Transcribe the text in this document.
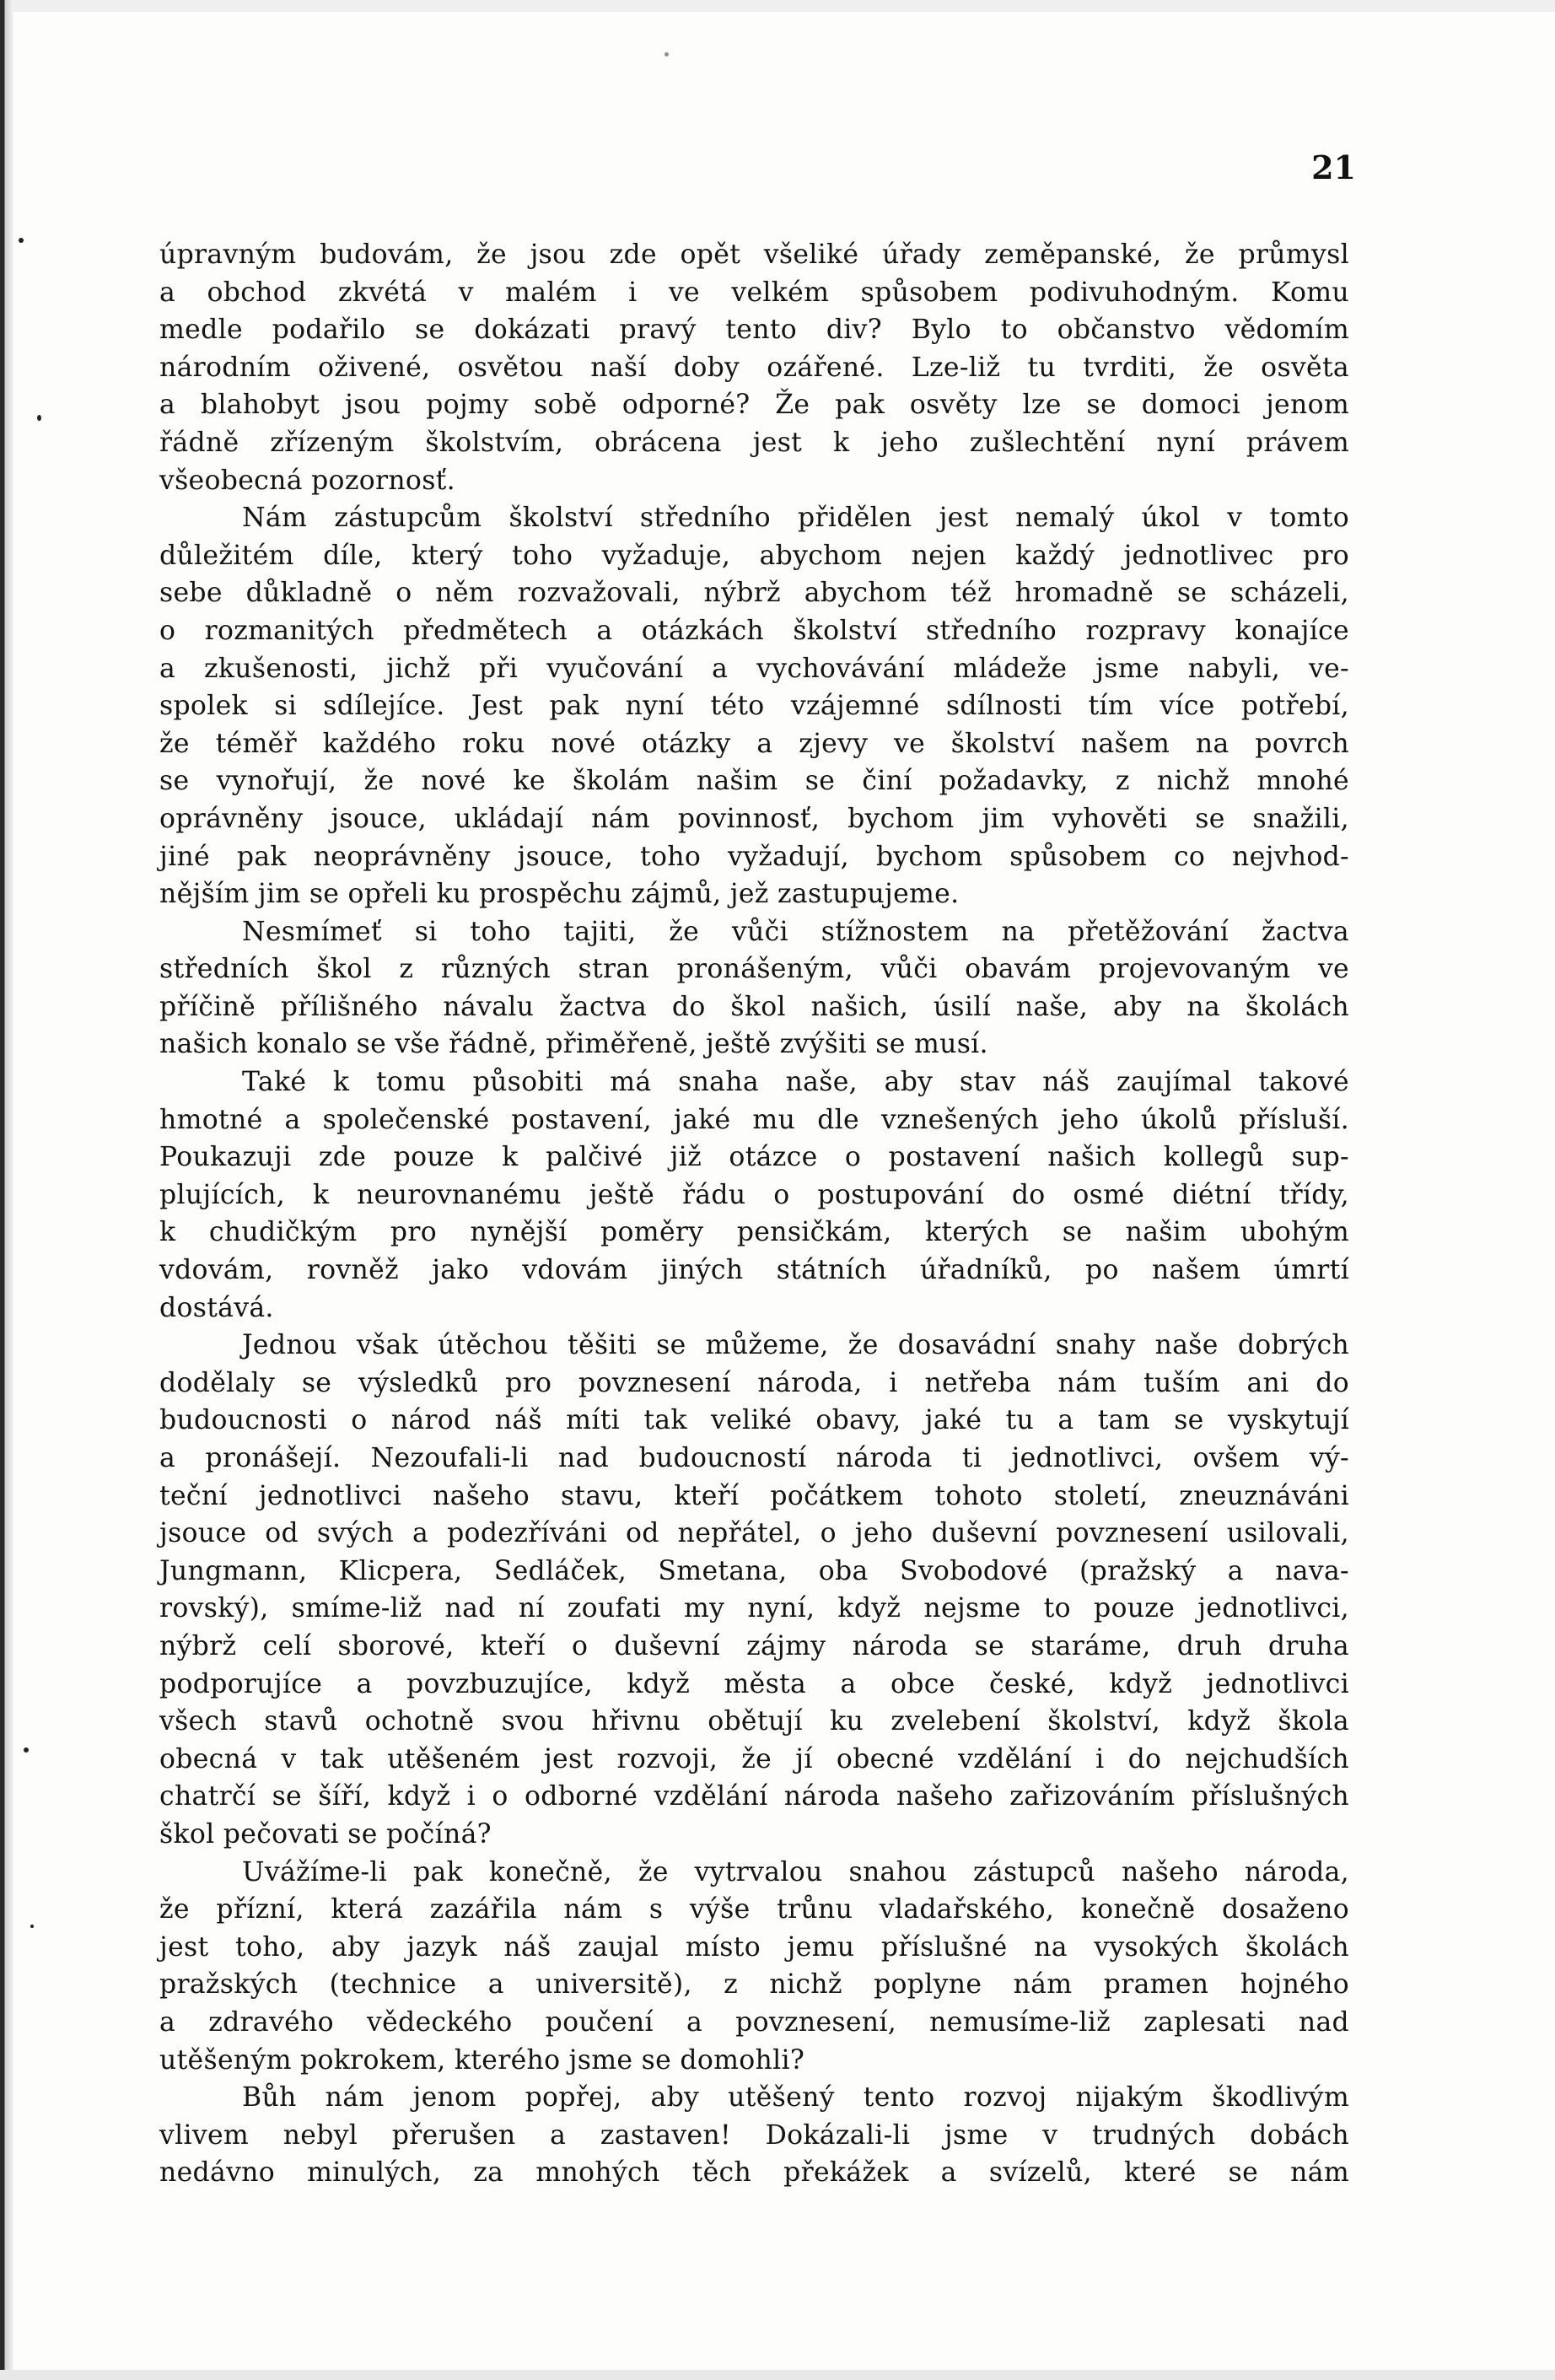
21
úpravným budovám, že jsou zde opět všeliké úřady zeměpanské, že průmysl
a obchod zkvétá v malém i ve velkém spůsobem podivuhodným. Komu
medle podařilo se dokázati pravý tento div? Bylo to občanstvo vědomím
národním oživené, osvětou naší doby ozářené. Lze-liž tu tvrditi, že osvěta
a blahobyt jsou pojmy sobě odporné? Že pak osvěty lze se domoci jenom
řádně zřízeným školstvím, obrácena jest k jeho zušlechtění nyní právem
všeobecná pozornosť.
Nám zástupcům školství středního přidělen jest nemalý úkol v tomto
důležitém díle, který toho vyžaduje, abychom nejen každý jednotlivec pro
sebe důkladně o něm rozvažovali, nýbrž abychom též hromadně se scházeli,
o rozmanitých předmětech a otázkách školství středního rozpravy konajíce
a zkušenosti, jichž při vyučování a vychovávání mládeže jsme nabyli, ve-
spolek si sdílejíce. Jest pak nyní této vzájemné sdílnosti tím více potřebí,
že téměř každého roku nové otázky a zjevy ve školství našem na povrch
se vynořují, že nové ke školám našim se činí požadavky, z nichž mnohé
oprávněny jsouce, ukládají nám povinnosť, bychom jim vyhověti se snažili,
jiné pak neoprávněny jsouce, toho vyžadují, bychom spůsobem co nejvhod-
nějším jim se opřeli ku prospěchu zájmů, jež zastupujeme.
Nesmímeť si toho tajiti, že vůči stížnostem na přetěžování žactva
středních škol z různých stran pronášeným, vůči obavám projevovaným ve
příčině přílišného návalu žactva do škol našich, úsilí naše, aby na školách
našich konalo se vše řádně, přiměřeně, ještě zvýšiti se musí.
Také k tomu působiti má snaha naše, aby stav náš zaujímal takové
hmotné a společenské postavení, jaké mu dle vznešených jeho úkolů přísluší.
Poukazuji zde pouze k palčivé již otázce o postavení našich kollegů sup-
plujících, k neurovnanému ještě řádu o postupování do osmé diétní třídy,
k chudičkým pro nynější poměry pensičkám, kterých se našim ubohým
vdovám, rovněž jako vdovám jiných státních úřadníků, po našem úmrtí
dostává.
Jednou však útěchou těšiti se můžeme, že dosavádní snahy naše dobrých
dodělaly se výsledků pro povznesení národa, i netřeba nám tuším ani do
budoucnosti o národ náš míti tak veliké obavy, jaké tu a tam se vyskytují
a pronášejí. Nezoufali-li nad budoucností národa ti jednotlivci, ovšem vý-
teční jednotlivci našeho stavu, kteří počátkem tohoto století, zneuznáváni
jsouce od svých a podezříváni od nepřátel, o jeho duševní povznesení usilovali,
Jungmann, Klicpera, Sedláček, Smetana, oba Svobodové (pražský a nava-
rovský), smíme-liž nad ní zoufati my nyní, když nejsme to pouze jednotlivci,
nýbrž celí sborové, kteří o duševní zájmy národa se staráme, druh druha
podporujíce a povzbuzujíce, když města a obce české, když jednotlivci
všech stavů ochotně svou hřivnu obětují ku zvelebení školství, když škola
obecná v tak utěšeném jest rozvoji, že jí obecné vzdělání i do nejchudších
chatrčí se šíří, když i o odborné vzdělání národa našeho zařizováním příslušných
škol pečovati se počíná?
Uvážíme-li pak konečně, že vytrvalou snahou zástupců našeho národa,
že přízní, která zazářila nám s výše trůnu vladařského, konečně dosaženo
jest toho, aby jazyk náš zaujal místo jemu příslušné na vysokých školách
pražských (technice a universitě), z nichž poplyne nám pramen hojného
a zdravého vědeckého poučení a povznesení, nemusíme-liž zaplesati nad
utěšeným pokrokem, kterého jsme se domohli?
Bůh nám jenom popřej, aby utěšený tento rozvoj nijakým škodlivým
vlivem nebyl přerušen a zastaven! Dokázali-li jsme v trudných dobách
nedávno minulých, za mnohých těch překážek a svízelů, které se nám
